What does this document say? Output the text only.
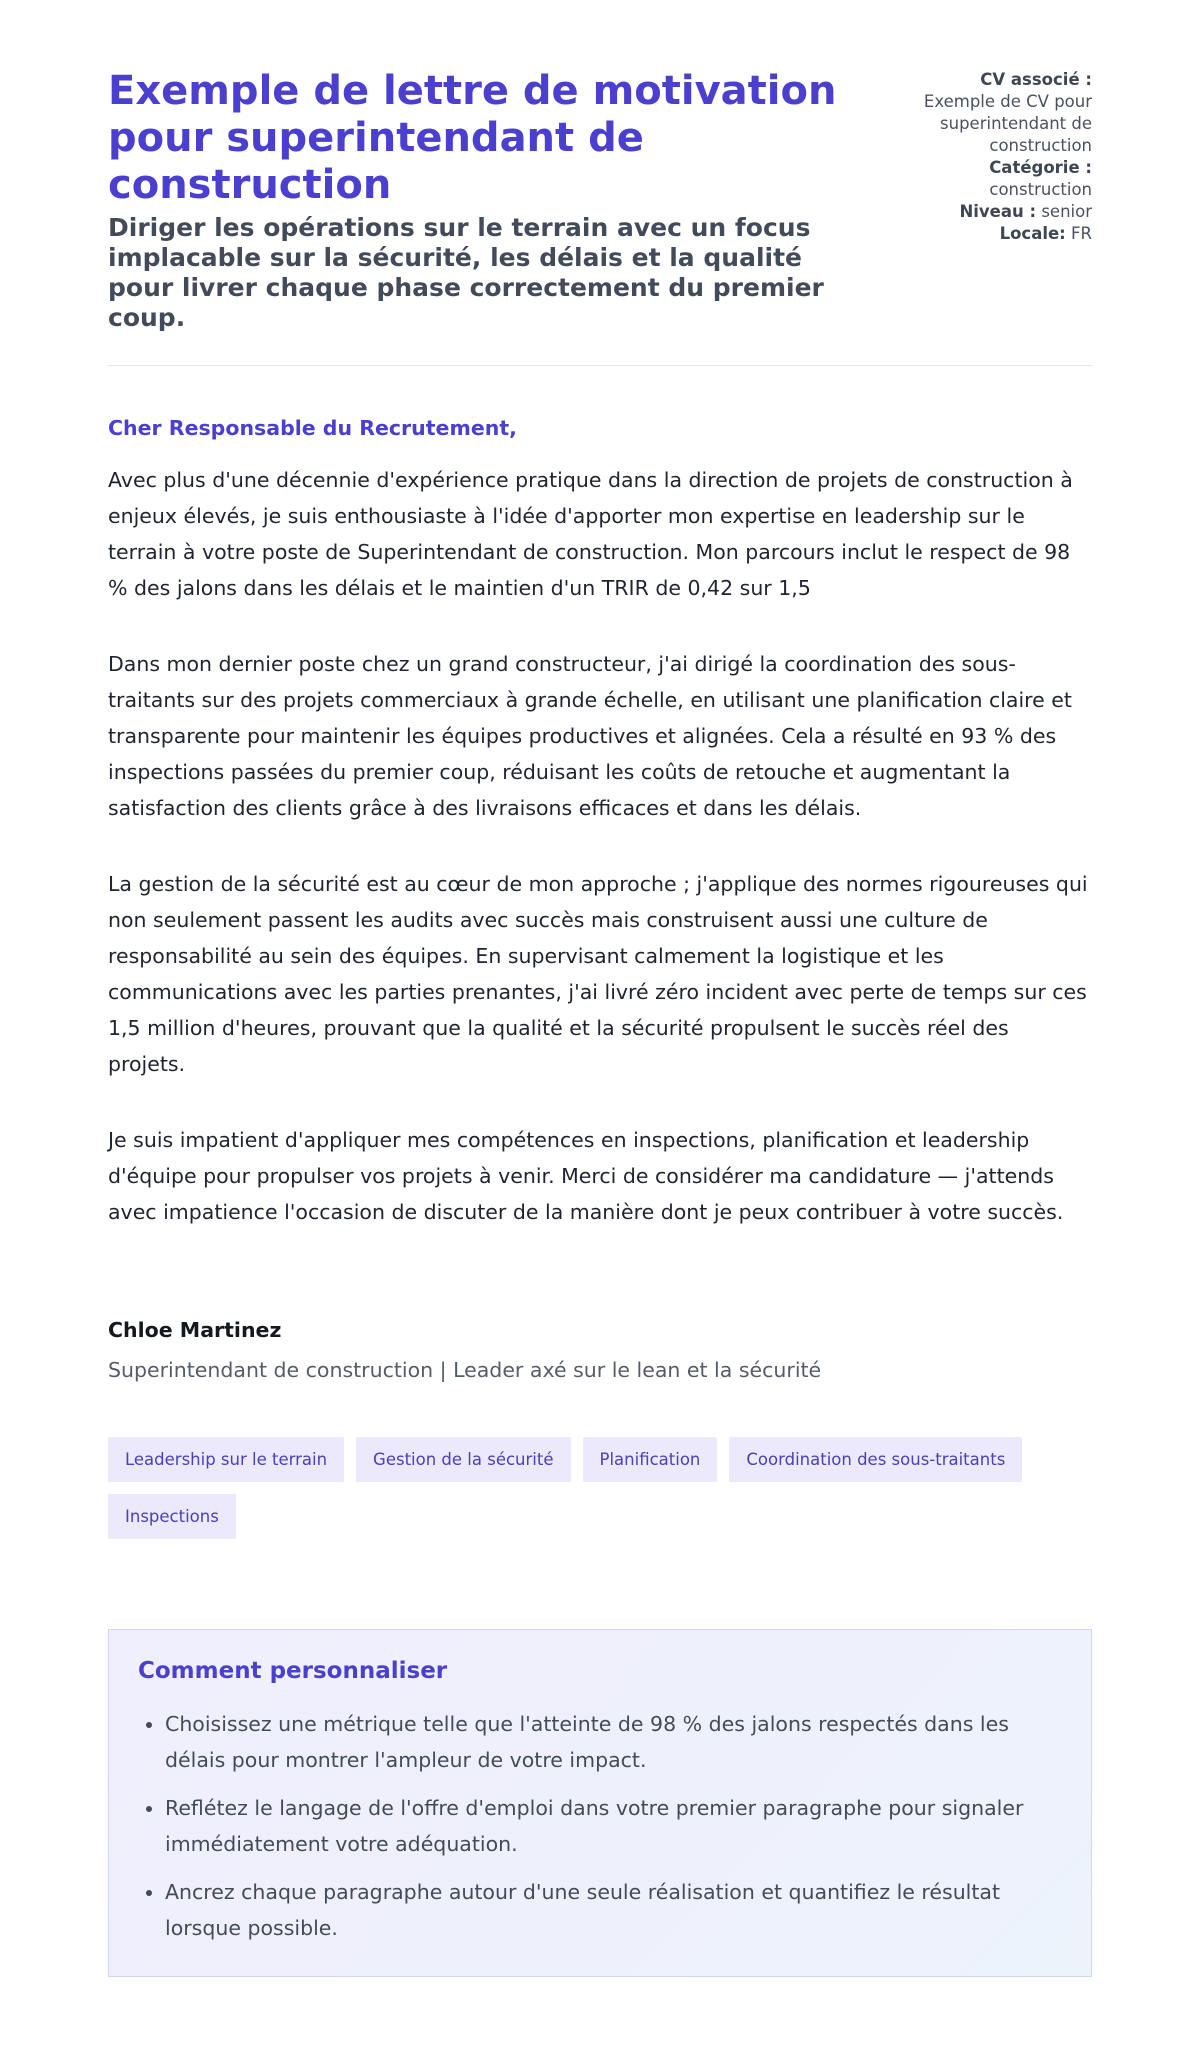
Exemple de lettre de motivation pour superintendant de construction
Diriger les opérations sur le terrain avec un focus implacable sur la sécurité, les délais et la qualité pour livrer chaque phase correctement du premier coup.
CV associé :
Exemple de CV pour superintendant de construction
Catégorie :
construction
Niveau : senior
Locale: FR
Cher Responsable du Recrutement,

Avec plus d'une décennie d'expérience pratique dans la direction de projets de construction à enjeux élevés, je suis enthousiaste à l'idée d'apporter mon expertise en leadership sur le terrain à votre poste de Superintendant de construction. Mon parcours inclut le respect de 98 % des jalons dans les délais et le maintien d'un TRIR de 0,42 sur 1,5

Dans mon dernier poste chez un grand constructeur, j'ai dirigé la coordination des sous-traitants sur des projets commerciaux à grande échelle, en utilisant une planification claire et transparente pour maintenir les équipes productives et alignées. Cela a résulté en 93 % des inspections passées du premier coup, réduisant les coûts de retouche et augmentant la satisfaction des clients grâce à des livraisons efficaces et dans les délais.

La gestion de la sécurité est au cœur de mon approche ; j'applique des normes rigoureuses qui non seulement passent les audits avec succès mais construisent aussi une culture de responsabilité au sein des équipes. En supervisant calmement la logistique et les communications avec les parties prenantes, j'ai livré zéro incident avec perte de temps sur ces 1,5 million d'heures, prouvant que la qualité et la sécurité propulsent le succès réel des projets.

Je suis impatient d'appliquer mes compétences en inspections, planification et leadership d'équipe pour propulser vos projets à venir. Merci de considérer ma candidature — j'attends avec impatience l'occasion de discuter de la manière dont je peux contribuer à votre succès.

Chloe Martinez
Superintendant de construction | Leader axé sur le lean et la sécurité
Leadership sur le terrain	Gestion de la sécurité	Planification	Coordination des sous-traitants
Inspections
Comment personnaliser
• Choisissez une métrique telle que l'atteinte de 98 % des jalons respectés dans les délais pour montrer l'ampleur de votre impact.
• Reflétez le langage de l'offre d'emploi dans votre premier paragraphe pour signaler immédiatement votre adéquation.
• Ancrez chaque paragraphe autour d'une seule réalisation et quantifiez le résultat lorsque possible.
